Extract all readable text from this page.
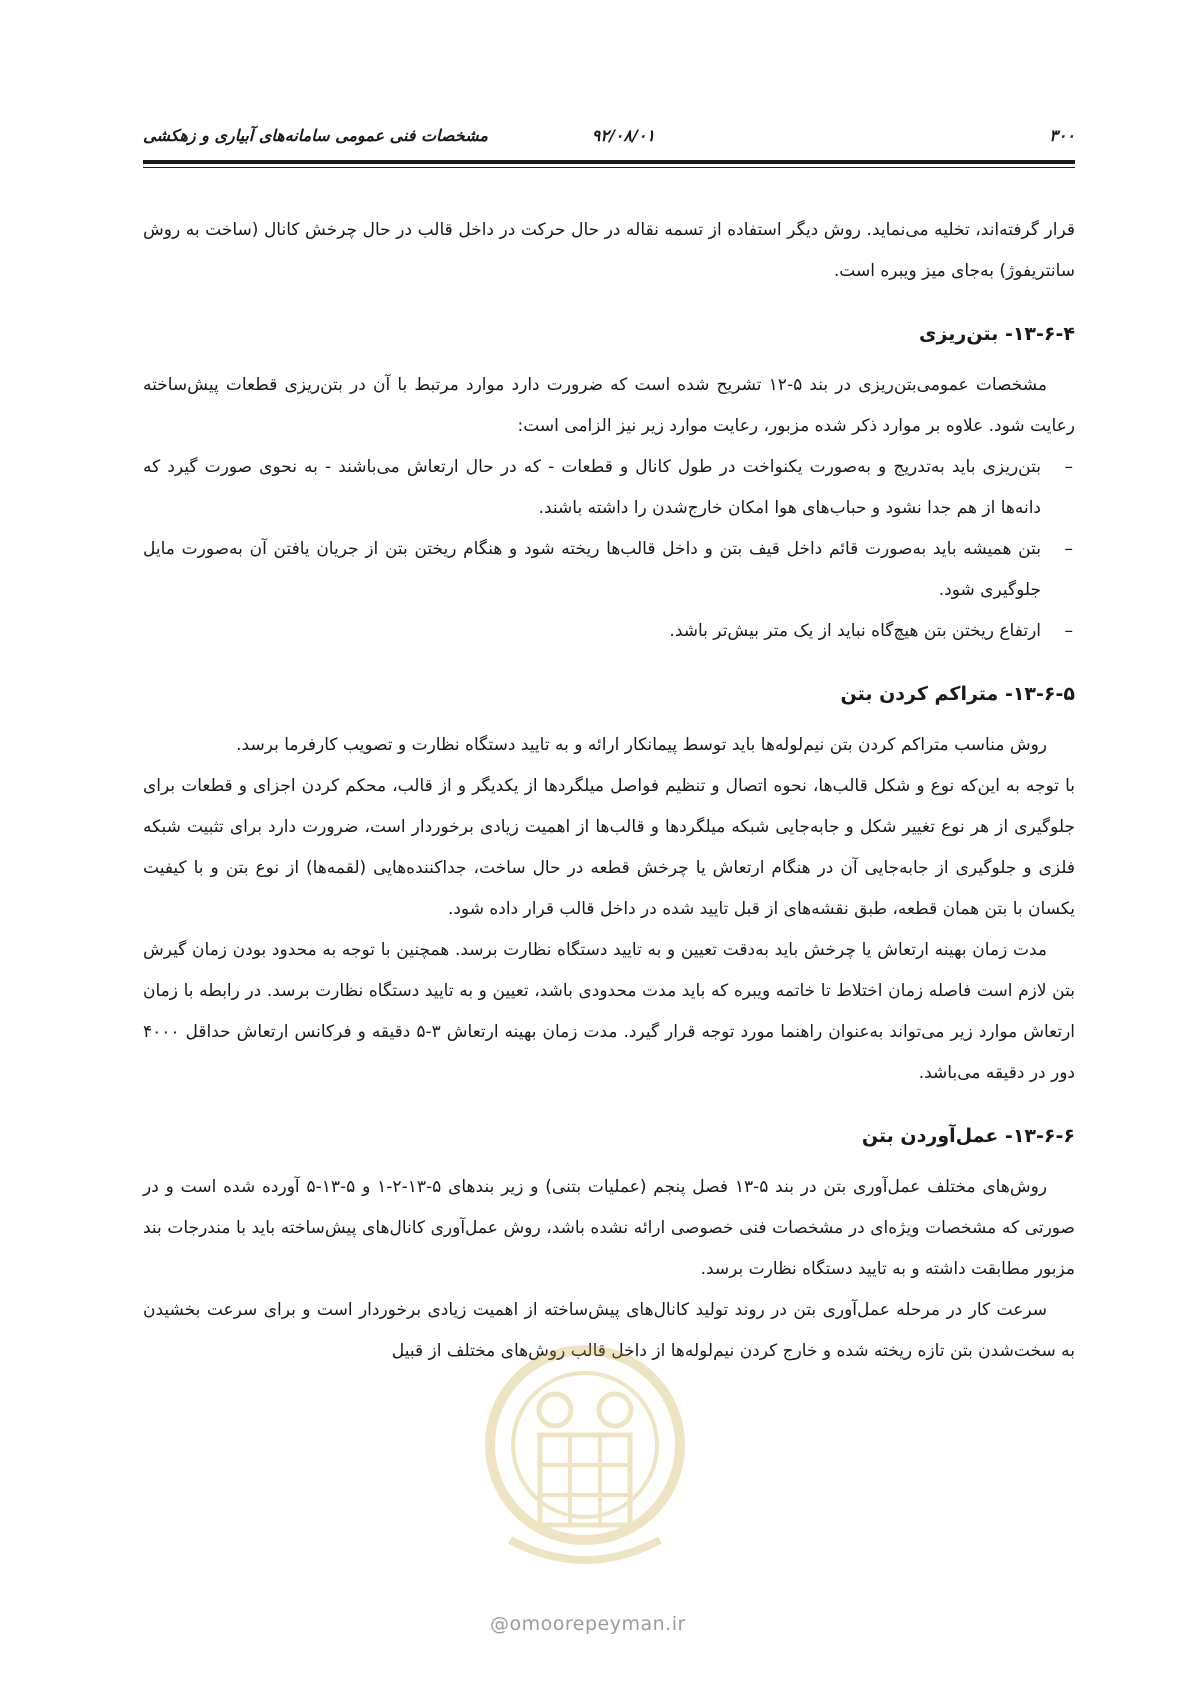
۳۰۰
۹۲/۰۸/۰۱
مشخصات فنی عمومی سامانه‌های آبیاری و زهکشی

قرار گرفته‌اند، تخلیه می‌نماید. روش دیگر استفاده از تسمه نقاله در حال حرکت در داخل قالب در حال چرخش کانال (ساخت به روش سانتریفوژ) به‌جای میز ویبره است.

۱۳-۶-۴- بتن‌ریزی

مشخصات عمومی‌بتن‌ریزی در بند ۵-۱۲ تشریح شده است که ضرورت دارد موارد مرتبط با آن در بتن‌ریزی قطعات پیش‌ساخته رعایت شود. علاوه بر موارد ذکر شده مزبور، رعایت موارد زیر نیز الزامی است:

–
بتن‌ریزی باید به‌تدریج و به‌صورت یکنواخت در طول کانال و قطعات - که در حال ارتعاش می‌باشند - به نحوی صورت گیرد که دانه‌ها از هم جدا نشود و حباب‌های هوا امکان خارج‌شدن را داشته باشند.
–
بتن همیشه باید به‌صورت قائم داخل قیف بتن و داخل قالب‌ها ریخته شود و هنگام ریختن بتن از جریان یافتن آن به‌صورت مایل جلوگیری شود.
–
ارتفاع ریختن بتن هیچ‌گاه نباید از یک متر بیش‌تر باشد.
۱۳-۶-۵- متراکم کردن بتن

روش مناسب متراکم کردن بتن نیم‌لوله‌ها باید توسط پیمانکار ارائه و به تایید دستگاه نظارت و تصویب کارفرما برسد.

با توجه به این‌که نوع و شکل قالب‌ها، نحوه اتصال و تنظیم فواصل میلگردها از یکدیگر و از قالب، محکم کردن اجزای و قطعات برای جلوگیری از هر نوع تغییر شکل و جابه‌جایی شبکه میلگردها و قالب‌ها از اهمیت زیادی برخوردار است، ضرورت دارد برای تثبیت شبکه فلزی و جلوگیری از جابه‌جایی آن در هنگام ارتعاش یا چرخش قطعه در حال ساخت، جداکننده‌هایی (لقمه‌ها) از نوع بتن و با کیفیت یکسان با بتن همان قطعه، طبق نقشه‌های از قبل تایید شده در داخل قالب قرار داده شود.

مدت زمان بهینه ارتعاش یا چرخش باید به‌دقت تعیین و به تایید دستگاه نظارت برسد. همچنین با توجه به محدود بودن زمان گیرش بتن لازم است فاصله زمان اختلاط تا خاتمه ویبره که باید مدت محدودی باشد، تعیین و به تایید دستگاه نظارت برسد. در رابطه با زمان ارتعاش موارد زیر می‌تواند به‌عنوان راهنما مورد توجه قرار گیرد. مدت زمان بهینه ارتعاش ۳-۵ دقیقه و فرکانس ارتعاش حداقل ۴۰۰۰ دور در دقیقه می‌باشد.

۱۳-۶-۶- عمل‌آوردن بتن

روش‌های مختلف عمل‌آوری بتن در بند ۵-۱۳ فصل پنجم (عملیات بتنی) و زیر بندهای ۵-۱۳-۲-۱ و ۵-۱۳-۵ آورده شده است و در صورتی که مشخصات ویژه‌ای در مشخصات فنی خصوصی ارائه نشده باشد، روش عمل‌آوری کانال‌های پیش‌ساخته باید با مندرجات بند مزبور مطابقت داشته و به تایید دستگاه نظارت برسد.

سرعت کار در مرحله عمل‌آوری بتن در روند تولید کانال‌های پیش‌ساخته از اهمیت زیادی برخوردار است و برای سرعت بخشیدن به سخت‌شدن بتن تازه ریخته شده و خارج کردن نیم‌لوله‌ها از داخل قالب روش‌های مختلف از قبیل

@omoorepeyman.ir
